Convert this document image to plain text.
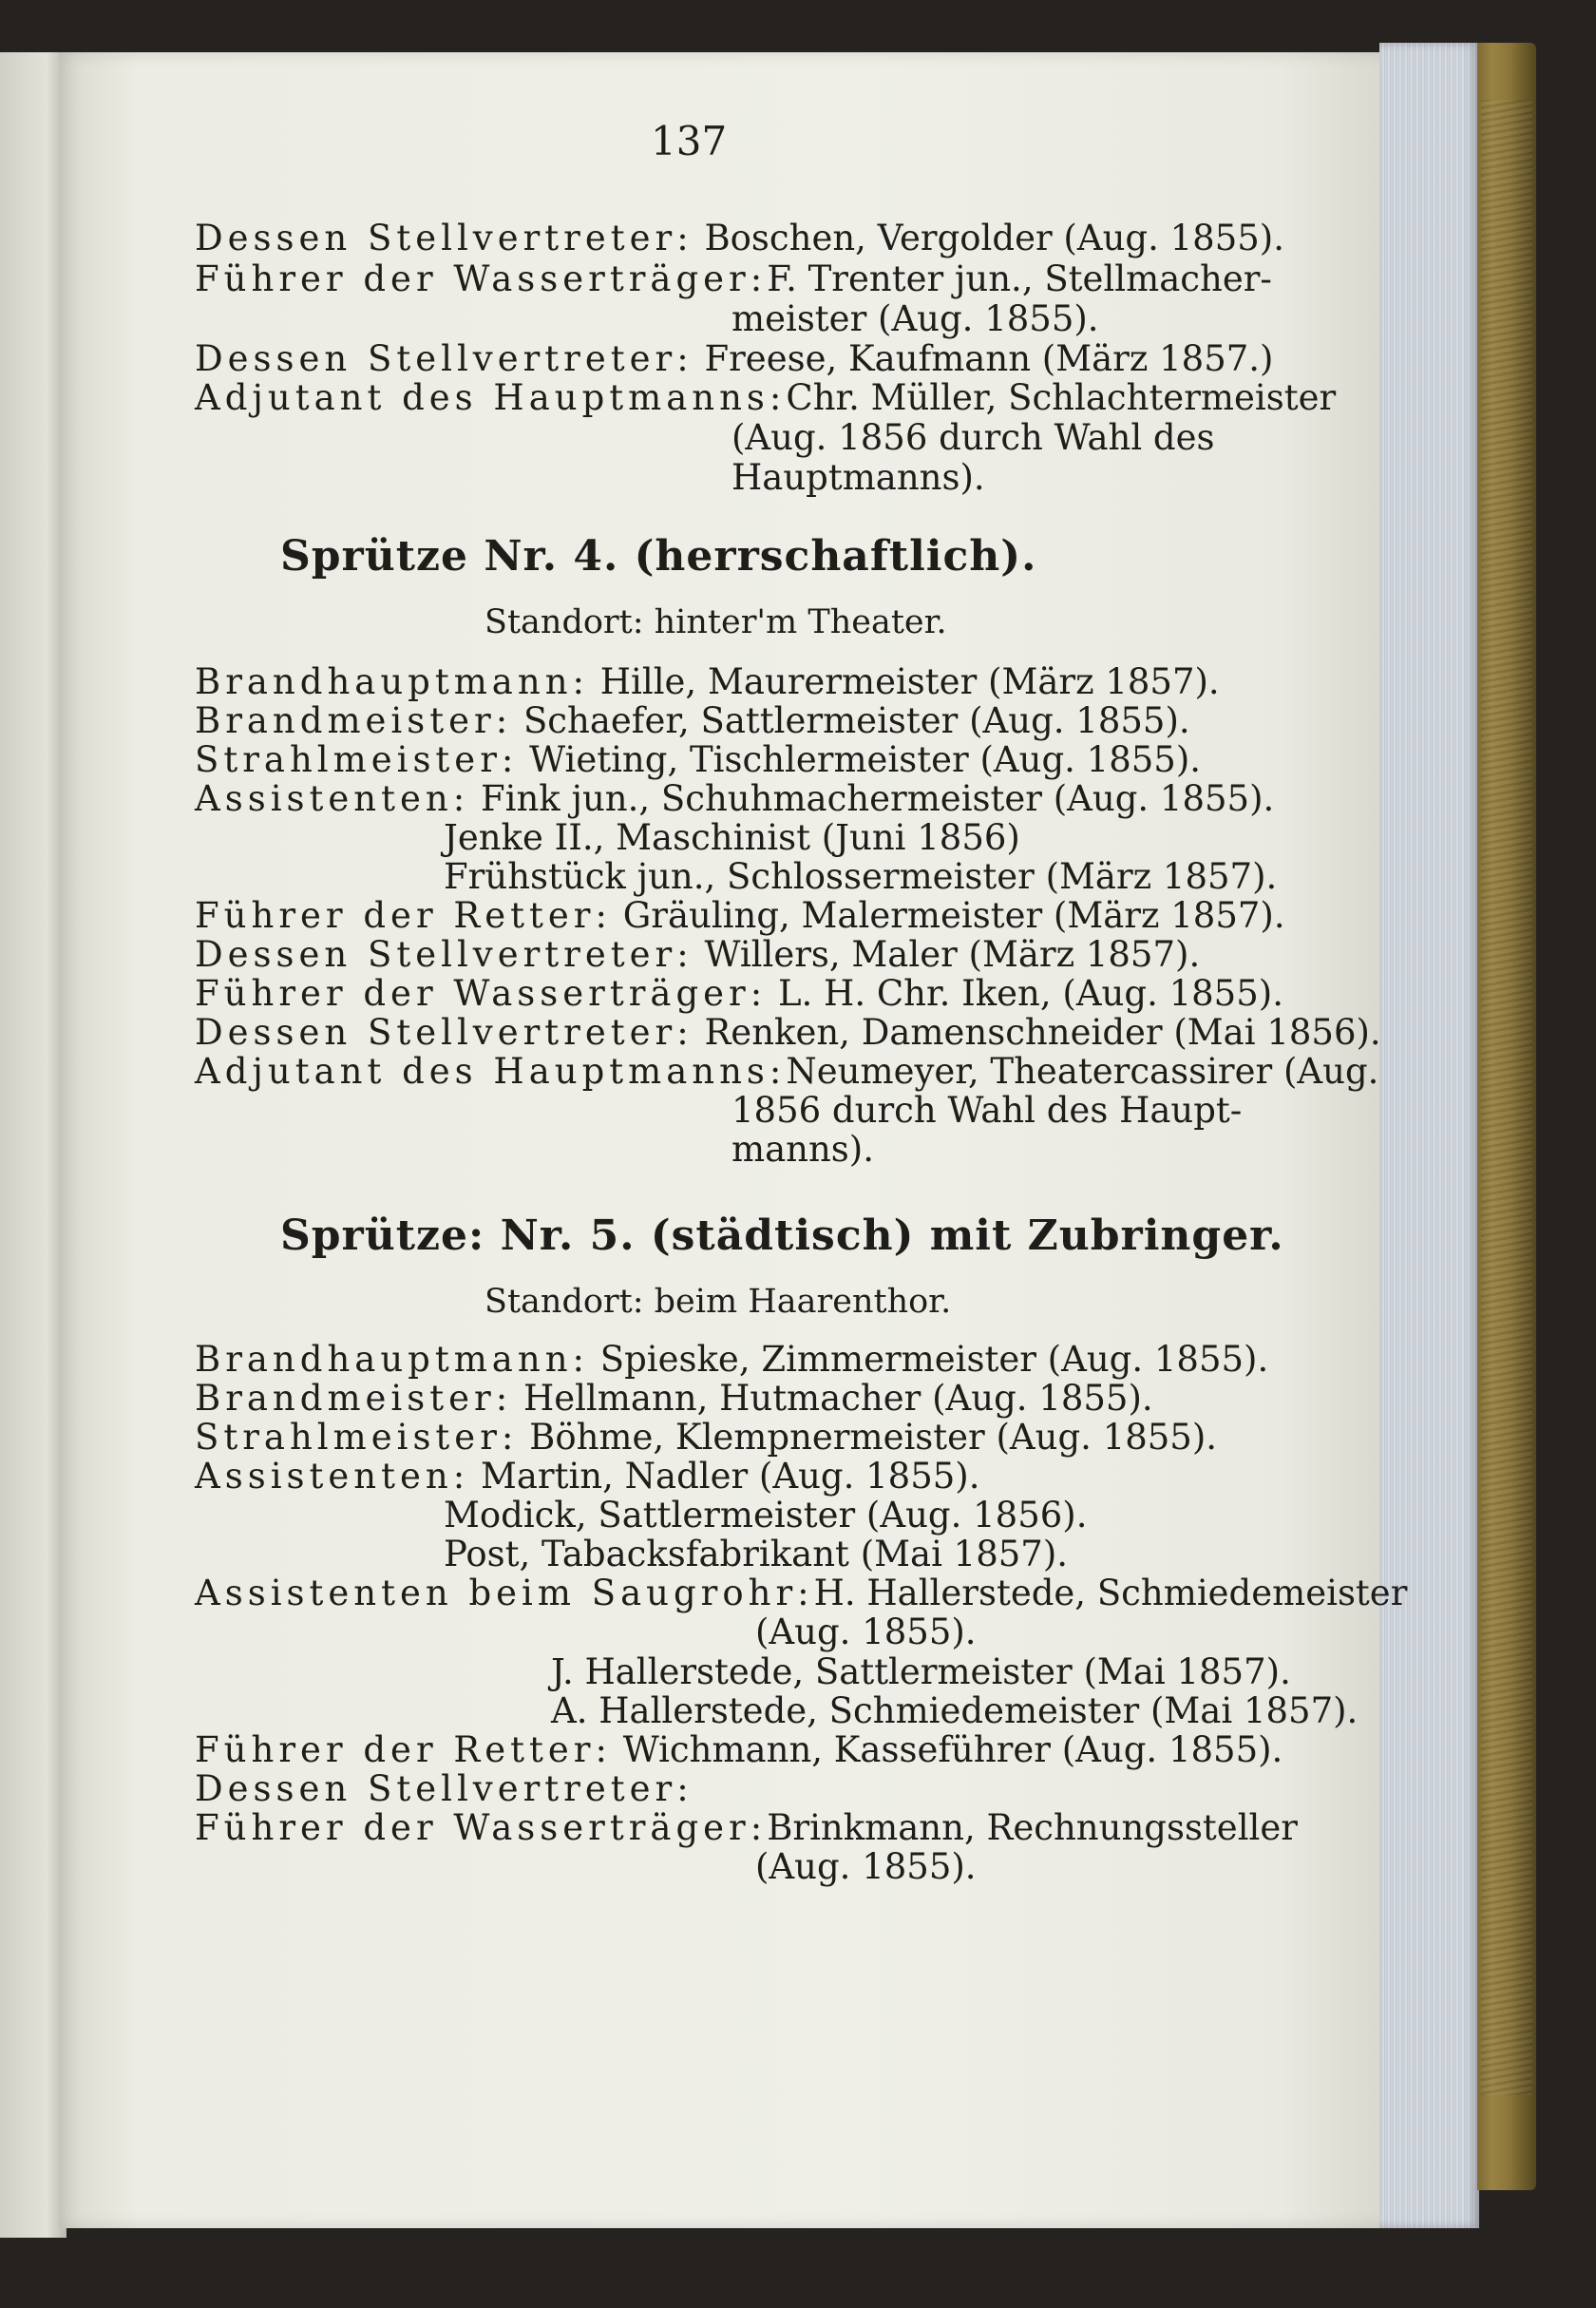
137
Dessen Stellvertreter: Boschen, Vergolder (Aug. 1855).
Führer der Wasserträger: F. Trenter jun., Stellmacher-
meister (Aug. 1855).
Dessen Stellvertreter: Freese, Kaufmann (März 1857.)
Adjutant des Hauptmanns: Chr. Müller, Schlachtermeister
(Aug. 1856 durch Wahl des
Hauptmanns).
Sprütze Nr. 4. (herrschaftlich).
Standort: hinter'm Theater.
Brandhauptmann: Hille, Maurermeister (März 1857).
Brandmeister: Schaefer, Sattlermeister (Aug. 1855).
Strahlmeister: Wieting, Tischlermeister (Aug. 1855).
Assistenten: Fink jun., Schuhmachermeister (Aug. 1855).
Jenke II., Maschinist (Juni 1856)
Frühstück jun., Schlossermeister (März 1857).
Führer der Retter: Gräuling, Malermeister (März 1857).
Dessen Stellvertreter: Willers, Maler (März 1857).
Führer der Wasserträger: L. H. Chr. Iken, (Aug. 1855).
Dessen Stellvertreter: Renken, Damenschneider (Mai 1856).
Adjutant des Hauptmanns: Neumeyer, Theatercassirer (Aug.
1856 durch Wahl des Haupt-
manns).
Sprütze: Nr. 5. (städtisch) mit Zubringer.
Standort: beim Haarenthor.
Brandhauptmann: Spieske, Zimmermeister (Aug. 1855).
Brandmeister: Hellmann, Hutmacher (Aug. 1855).
Strahlmeister: Böhme, Klempnermeister (Aug. 1855).
Assistenten: Martin, Nadler (Aug. 1855).
Modick, Sattlermeister (Aug. 1856).
Post, Tabacksfabrikant (Mai 1857).
Assistenten beim Saugrohr: H. Hallerstede, Schmiedemeister
(Aug. 1855).
J. Hallerstede, Sattlermeister (Mai 1857).
A. Hallerstede, Schmiedemeister (Mai 1857).
Führer der Retter: Wichmann, Kasseführer (Aug. 1855).
Dessen Stellvertreter:
Führer der Wasserträger: Brinkmann, Rechnungssteller
(Aug. 1855).
